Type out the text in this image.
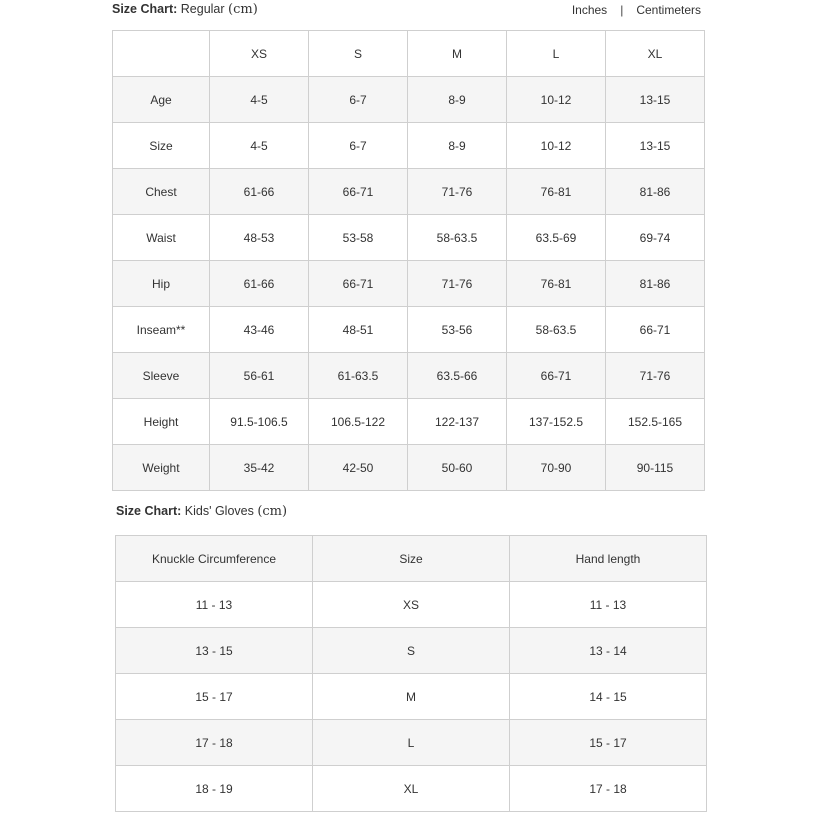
Size Chart: Regular (cm)	Inches | Centimeters
	XS	S	M	L	XL
Age	4-5	6-7	8-9	10-12	13-15
Size	4-5	6-7	8-9	10-12	13-15
Chest	61-66	66-71	71-76	76-81	81-86
Waist	48-53	53-58	58-63.5	63.5-69	69-74
Hip	61-66	66-71	71-76	76-81	81-86
Inseam**	43-46	48-51	53-56	58-63.5	66-71
Sleeve	56-61	61-63.5	63.5-66	66-71	71-76
Height	91.5-106.5	106.5-122	122-137	137-152.5	152.5-165
Weight	35-42	42-50	50-60	70-90	90-115
Size Chart: Kids' Gloves (cm)
Knuckle Circumference	Size	Hand length
11 - 13	XS	11 - 13
13 - 15	S	13 - 14
15 - 17	M	14 - 15
17 - 18	L	15 - 17
18 - 19	XL	17 - 18
